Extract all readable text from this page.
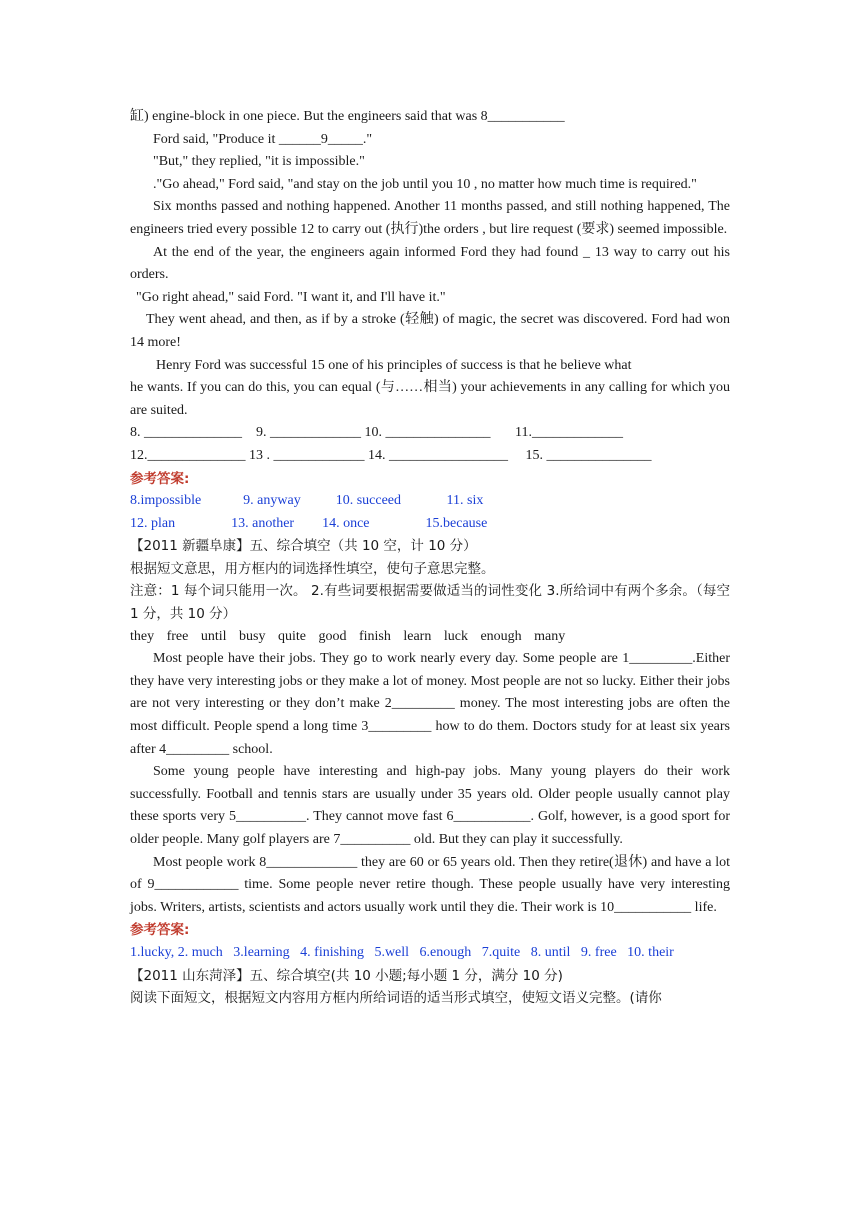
缸) engine-block in one piece. But the engineers said that was 8___________

Ford said, "Produce it ______9_____."

"But," they replied, "it is impossible."

."Go ahead," Ford said, "and stay on the job until you 10 , no matter how much time is required."

Six months passed and nothing happened. Another 11 months passed, and still nothing happened, The engineers tried every possible 12 to carry out (执行)the orders , but lire request (要求) seemed impossible.

At the end of the year, the engineers again informed Ford they had found _ 13 way to carry out his orders.

"Go right ahead," said Ford. "I want it, and I'll have it."

They went ahead, and then, as if by a stroke (轻触) of magic, the secret was discovered. Ford had won 14 more!

Henry Ford was successful 15 one of his principles of success is that he believe what

he wants. If you can do this, you can equal (与……相当) your achievements in any calling for which you are suited.

8. ______________    9. _____________ 10. _______________       11._____________

12.______________ 13 . _____________ 14. _________________     15. _______________

参考答案:

8.impossible            9. anyway          10. succeed             11. six

12. plan                13. another        14. once                15.because

【2011 新疆阜康】五、综合填空（共 10 空，计 10 分）

根据短文意思，用方框内的词选择性填空，使句子意思完整。

注意：1 每个词只能用一次。 2.有些词要根据需要做适当的词性变化 3.所给词中有两个多余。（每空 1 分，共 10 分）

they free until busy quite good finish learn luck enough many

Most people have their jobs. They go to work nearly every day. Some people are 1_________.Either they have very interesting jobs or they make a lot of money. Most people are not so lucky. Either their jobs are not very interesting or they don’t make 2_________ money. The most interesting jobs are often the most difficult. People spend a long time 3_________ how to do them. Doctors study for at least six years after 4_________ school.

Some young people have interesting and high-pay jobs. Many young players do their work successfully. Football and tennis stars are usually under 35 years old. Older people usually cannot play these sports very 5__________. They cannot move fast 6___________. Golf, however, is a good sport for older people. Many golf players are 7__________ old. But they can play it successfully.

Most people work 8_____________ they are 60 or 65 years old. Then they retire(退休) and have a lot of 9____________ time. Some people never retire though. These people usually have very interesting jobs. Writers, artists, scientists and actors usually work until they die. Their work is 10___________ life.

参考答案:

1.lucky, 2. much   3.learning   4. finishing   5.well   6.enough   7.quite   8. until   9. free   10. their

【2011 山东菏泽】五、综合填空(共 10 小题;每小题 1 分，满分 10 分)

阅读下面短文，根据短文内容用方框内所给词语的适当形式填空，使短文语义完整。(请你
